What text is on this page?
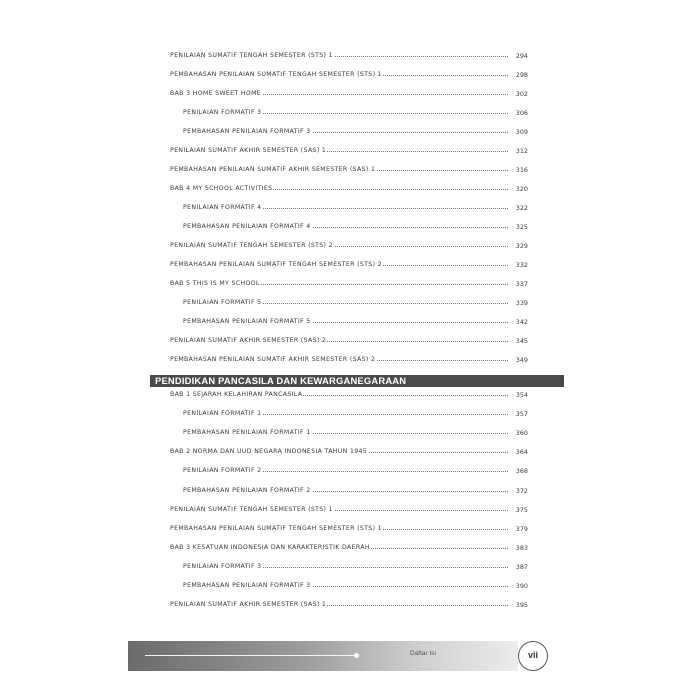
PENILAIAN SUMATIF TENGAH SEMESTER (STS) 1	294
PEMBAHASAN PENILAIAN SUMATIF TENGAH SEMESTER (STS) 1	298
BAB 3 HOME SWEET HOME	302
PENILAIAN FORMATIF 3	306
PEMBAHASAN PENILAIAN FORMATIF 3	309
PENILAIAN SUMATIF AKHIR SEMESTER (SAS) 1	312
PEMBAHASAN PENILAIAN SUMATIF AKHIR SEMESTER (SAS) 1	316
BAB 4 MY SCHOOL ACTIVITIES	320
PENILAIAN FORMATIF 4	322
PEMBAHASAN PENILAIAN FORMATIF 4	325
PENILAIAN SUMATIF TENGAH SEMESTER (STS) 2	329
PEMBAHASAN PENILAIAN SUMATIF TENGAH SEMESTER (STS) 2	332
BAB 5 THIS IS MY SCHOOL	337
PENILAIAN FORMATIF 5	339
PEMBAHASAN PENILAIAN FORMATIF 5	342
PENILAIAN SUMATIF AKHIR SEMESTER (SAS) 2	345
PEMBAHASAN PENILAIAN SUMATIF AKHIR SEMESTER (SAS) 2	349
PENDIDIKAN PANCASILA DAN KEWARGANEGARAAN
BAB 1 SEJARAH KELAHIRAN PANCASILA	354
PENILAIAN FORMATIF 1	357
PEMBAHASAN PENILAIAN FORMATIF 1	360
BAB 2 NORMA DAN UUD NEGARA INDONESIA TAHUN 1945	364
PENILAIAN FORMATIF 2	368
PEMBAHASAN PENILAIAN FORMATIF 2	372
PENILAIAN SUMATIF TENGAH SEMESTER (STS) 1	375
PEMBAHASAN PENILAIAN SUMATIF TENGAH SEMESTER (STS) 1	379
BAB 3 KESATUAN INDONESIA DAN KARAKTERISTIK DAERAH	383
PENILAIAN FORMATIF 3	387
PEMBAHASAN PENILAIAN FORMATIF 3	390
PENILAIAN SUMATIF AKHIR SEMESTER (SAS) 1	395
Daftar Isi	vii
